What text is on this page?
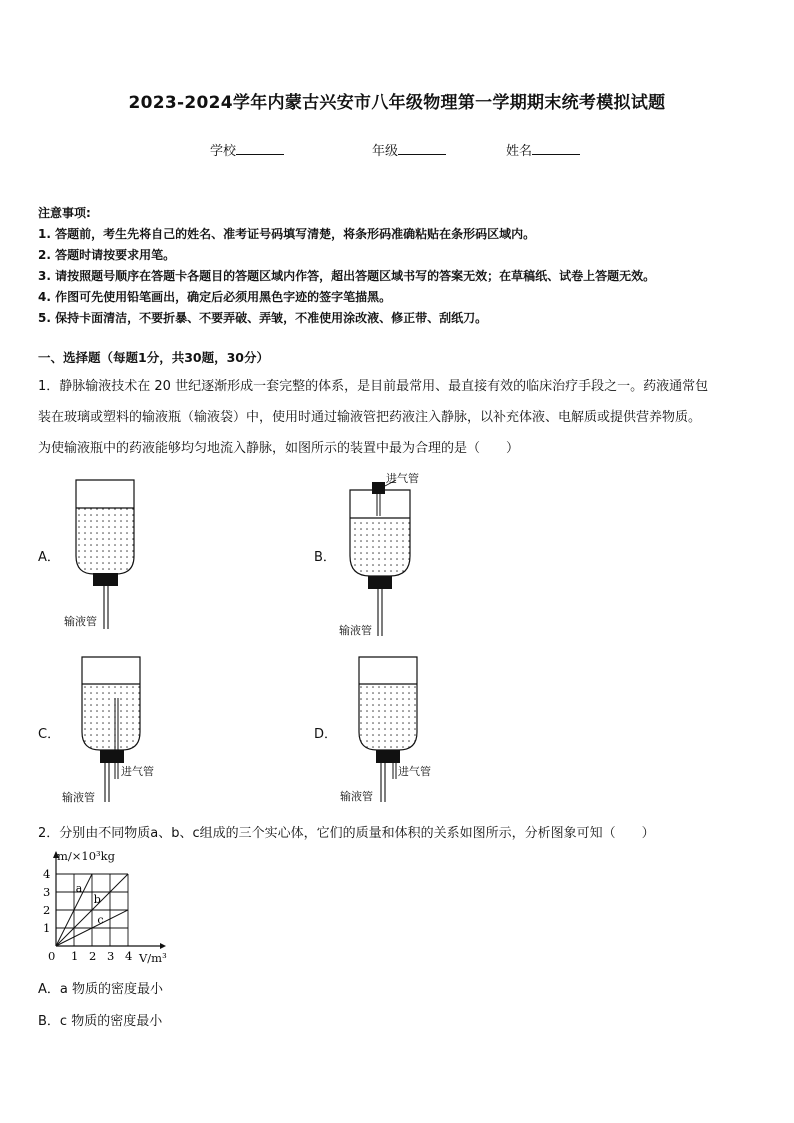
2023-2024学年内蒙古兴安市八年级物理第一学期期末统考模拟试题
学校	年级	姓名
注意事项:
1. 答题前，考生先将自己的姓名、准考证号码填写清楚，将条形码准确粘贴在条形码区域内。
2. 答题时请按要求用笔。
3. 请按照题号顺序在答题卡各题目的答题区域内作答，超出答题区域书写的答案无效；在草稿纸、试卷上答题无效。
4. 作图可先使用铅笔画出，确定后必须用黑色字迹的签字笔描黑。
5. 保持卡面清洁，不要折暴、不要弄破、弄皱，不准使用涂改液、修正带、刮纸刀。
一、选择题（每题1分，共30题，30分）
1．静脉输液技术在 20 世纪逐渐形成一套完整的体系，是目前最常用、最直接有效的临床治疗手段之一。药液通常包
装在玻璃或塑料的输液瓶（输液袋）中，使用时通过输液管把药液注入静脉，以补充体液、电解质或提供营养物质。
为使输液瓶中的药液能够均匀地流入静脉，如图所示的装置中最为合理的是（　　）
A．	B．
C．	D．
输液管
进气管
输液管
进气管
输液管
进气管
输液管
2．分别由不同物质a、b、c组成的三个实心体，它们的质量和体积的关系如图所示，分析图象可知（　　）
a
b
c
m/×10³kg
V/m³
0 1 2 3 4
1
2
3
4
A．a 物质的密度最小
B．c 物质的密度最小
